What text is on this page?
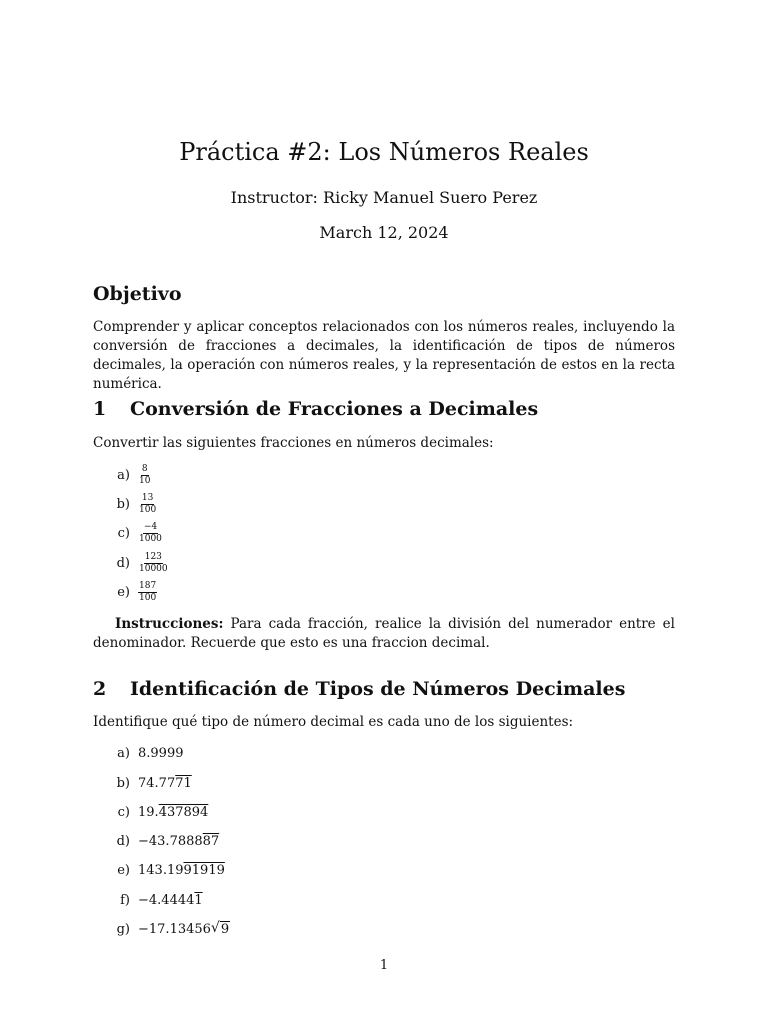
Práctica #2: Los Números Reales
Instructor: Ricky Manuel Suero Perez
March 12, 2024
Objetivo
Comprender y aplicar conceptos relacionados con los números reales, incluyendo la conversión de fracciones a decimales, la identificación de tipos de números decimales, la operación con números reales, y la representación de estos en la recta numérica.
1 Conversión de Fracciones a Decimales
Convertir las siguientes fracciones en números decimales:
$a) \frac{8}{10}$
$b) \frac{13}{100}$
$c) \frac{-4}{1000}$
$d) \frac{123}{10000}$
$e) \frac{187}{100}$
Instrucciones: Para cada fracción, realice la división del numerador entre el denominador. Recuerde que esto es una fraccion decimal.
2 Identificación de Tipos de Números Decimales
Identifique qué tipo de número decimal es cada uno de los siguientes:
a) 8.9999
b) 74.7771
c) 19.437894
d) −43.788887
e) 143.1991919
f) −4.44441
g) −17.13456 √ 9
1
